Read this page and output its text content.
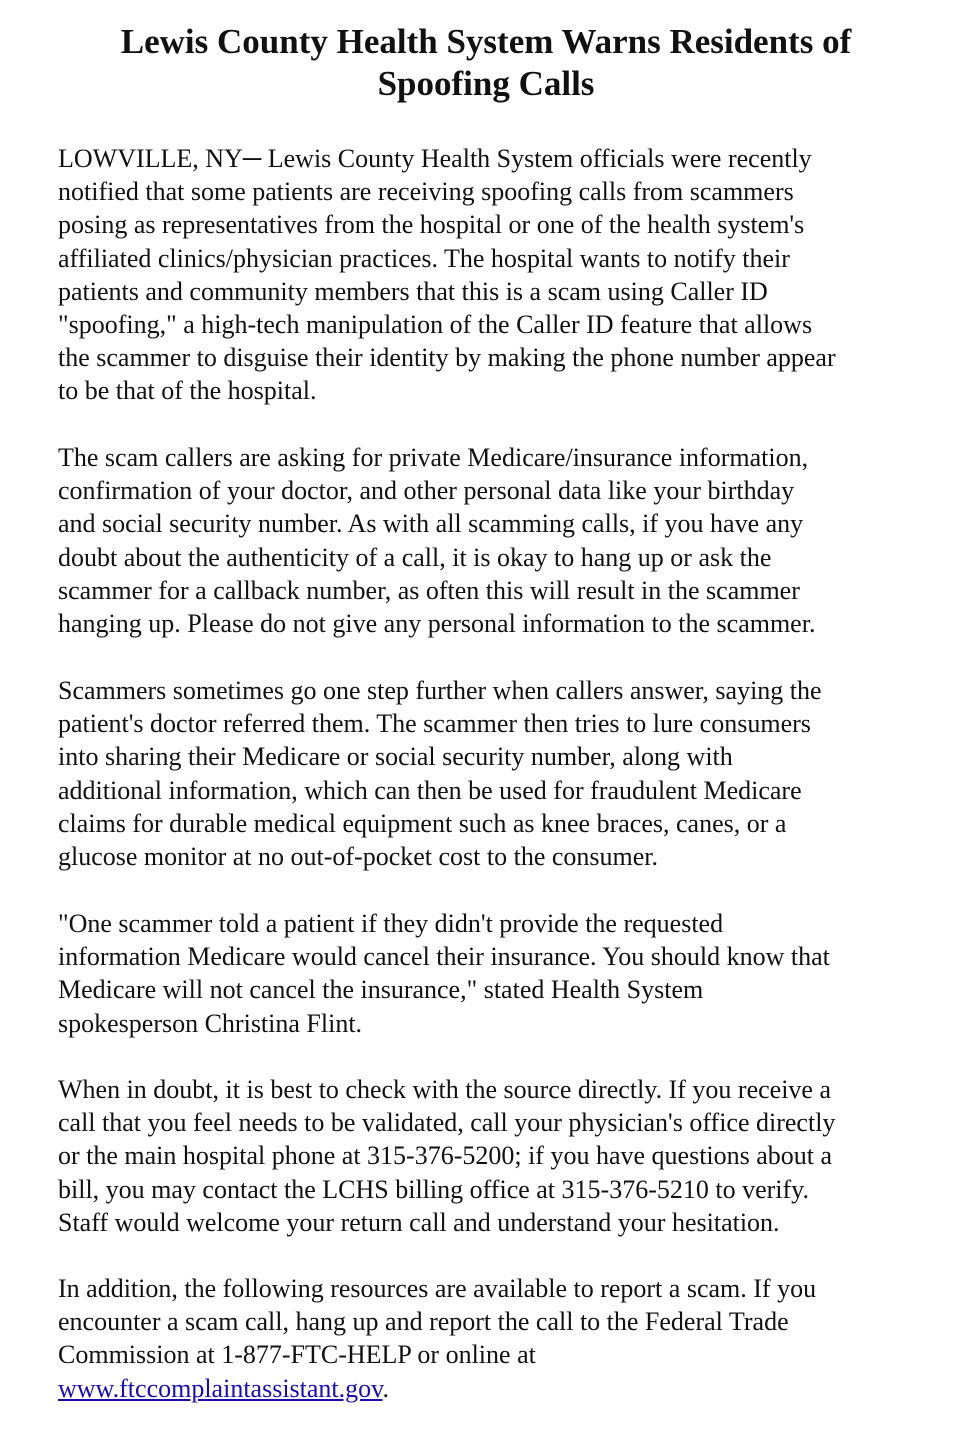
Lewis County Health System Warns Residents of
Spoofing Calls

LOWVILLE, NY─ Lewis County Health System officials were recently
notified that some patients are receiving spoofing calls from scammers
posing as representatives from the hospital or one of the health system's
affiliated clinics/physician practices. The hospital wants to notify their
patients and community members that this is a scam using Caller ID
"spoofing," a high-tech manipulation of the Caller ID feature that allows
the scammer to disguise their identity by making the phone number appear
to be that of the hospital.

The scam callers are asking for private Medicare/insurance information,
confirmation of your doctor, and other personal data like your birthday
and social security number. As with all scamming calls, if you have any
doubt about the authenticity of a call, it is okay to hang up or ask the
scammer for a callback number, as often this will result in the scammer
hanging up. Please do not give any personal information to the scammer.

Scammers sometimes go one step further when callers answer, saying the
patient's doctor referred them. The scammer then tries to lure consumers
into sharing their Medicare or social security number, along with
additional information, which can then be used for fraudulent Medicare
claims for durable medical equipment such as knee braces, canes, or a
glucose monitor at no out-of-pocket cost to the consumer.

"One scammer told a patient if they didn't provide the requested
information Medicare would cancel their insurance. You should know that
Medicare will not cancel the insurance," stated Health System
spokesperson Christina Flint.

When in doubt, it is best to check with the source directly. If you receive a
call that you feel needs to be validated, call your physician's office directly
or the main hospital phone at 315-376-5200; if you have questions about a
bill, you may contact the LCHS billing office at 315-376-5210 to verify.
Staff would welcome your return call and understand your hesitation.

In addition, the following resources are available to report a scam. If you
encounter a scam call, hang up and report the call to the Federal Trade
Commission at 1-877-FTC-HELP or online at
www.ftccomplaintassistant.gov.
